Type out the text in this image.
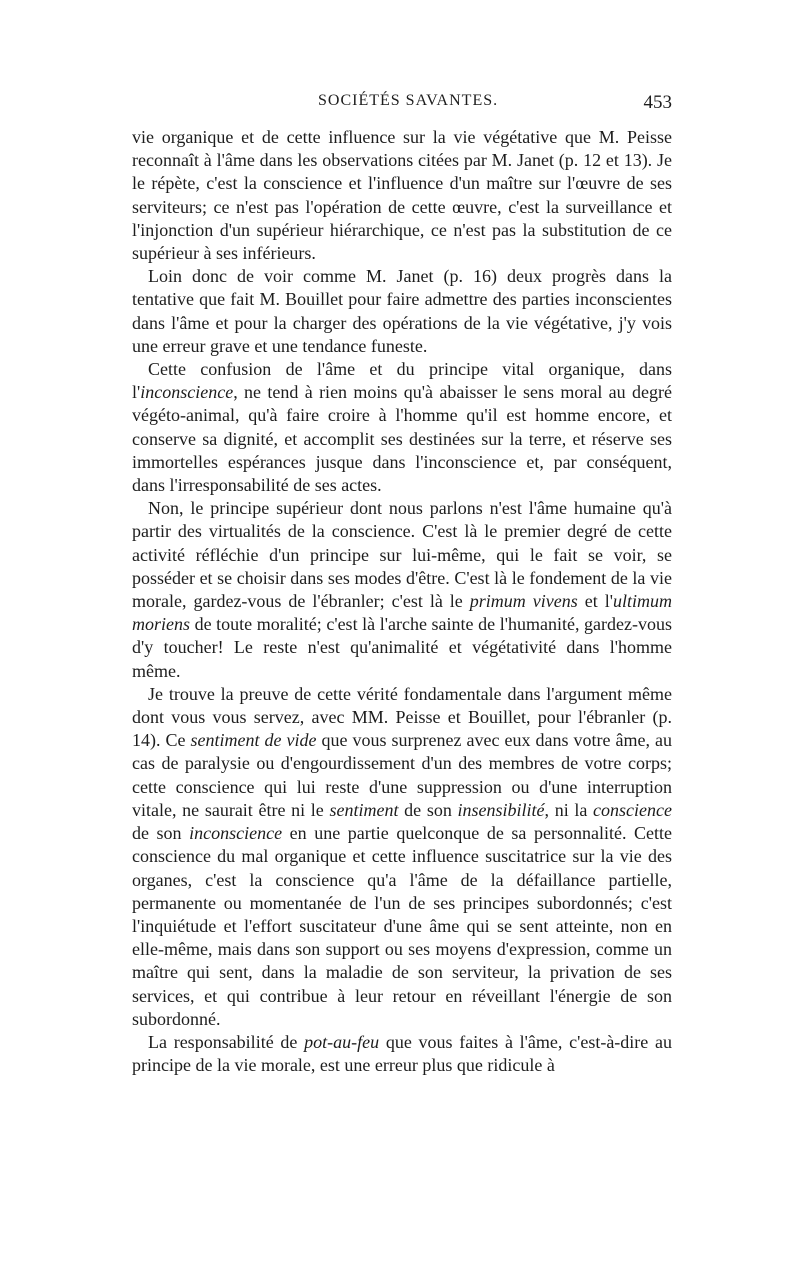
SOCIÉTÉS SAVANTES.	453

vie organique et de cette influence sur la vie végétative que M. Peisse reconnaît à l'âme dans les observations citées par M. Janet (p. 12 et 13). Je le répète, c'est la conscience et l'influence d'un maître sur l'œuvre de ses serviteurs; ce n'est pas l'opération de cette œuvre, c'est la surveillance et l'injonction d'un supérieur hiérarchique, ce n'est pas la substitution de ce supérieur à ses inférieurs.

Loin donc de voir comme M. Janet (p. 16) deux progrès dans la tentative que fait M. Bouillet pour faire admettre des parties inconscientes dans l'âme et pour la charger des opérations de la vie végétative, j'y vois une erreur grave et une tendance funeste.

Cette confusion de l'âme et du principe vital organique, dans l'inconscience, ne tend à rien moins qu'à abaisser le sens moral au degré végéto-animal, qu'à faire croire à l'homme qu'il est homme encore, et conserve sa dignité, et accomplit ses destinées sur la terre, et réserve ses immortelles espérances jusque dans l'inconscience et, par conséquent, dans l'irresponsabilité de ses actes.

Non, le principe supérieur dont nous parlons n'est l'âme humaine qu'à partir des virtualités de la conscience. C'est là le premier degré de cette activité réfléchie d'un principe sur lui-même, qui le fait se voir, se posséder et se choisir dans ses modes d'être. C'est là le fondement de la vie morale, gardez-vous de l'ébranler; c'est là le primum vivens et l'ultimum moriens de toute moralité; c'est là l'arche sainte de l'humanité, gardez-vous d'y toucher! Le reste n'est qu'animalité et végétativité dans l'homme même.

Je trouve la preuve de cette vérité fondamentale dans l'argument même dont vous vous servez, avec MM. Peisse et Bouillet, pour l'ébranler (p. 14). Ce sentiment de vide que vous surprenez avec eux dans votre âme, au cas de paralysie ou d'engourdissement d'un des membres de votre corps; cette conscience qui lui reste d'une suppression ou d'une interruption vitale, ne saurait être ni le sentiment de son insensibilité, ni la conscience de son inconscience en une partie quelconque de sa personnalité. Cette conscience du mal organique et cette influence suscitatrice sur la vie des organes, c'est la conscience qu'a l'âme de la défaillance partielle, permanente ou momentanée de l'un de ses principes subordonnés; c'est l'inquiétude et l'effort suscitateur d'une âme qui se sent atteinte, non en elle-même, mais dans son support ou ses moyens d'expression, comme un maître qui sent, dans la maladie de son serviteur, la privation de ses services, et qui contribue à leur retour en réveillant l'énergie de son subordonné.

La responsabilité de pot-au-feu que vous faites à l'âme, c'est-à-dire au principe de la vie morale, est une erreur plus que ridicule à
